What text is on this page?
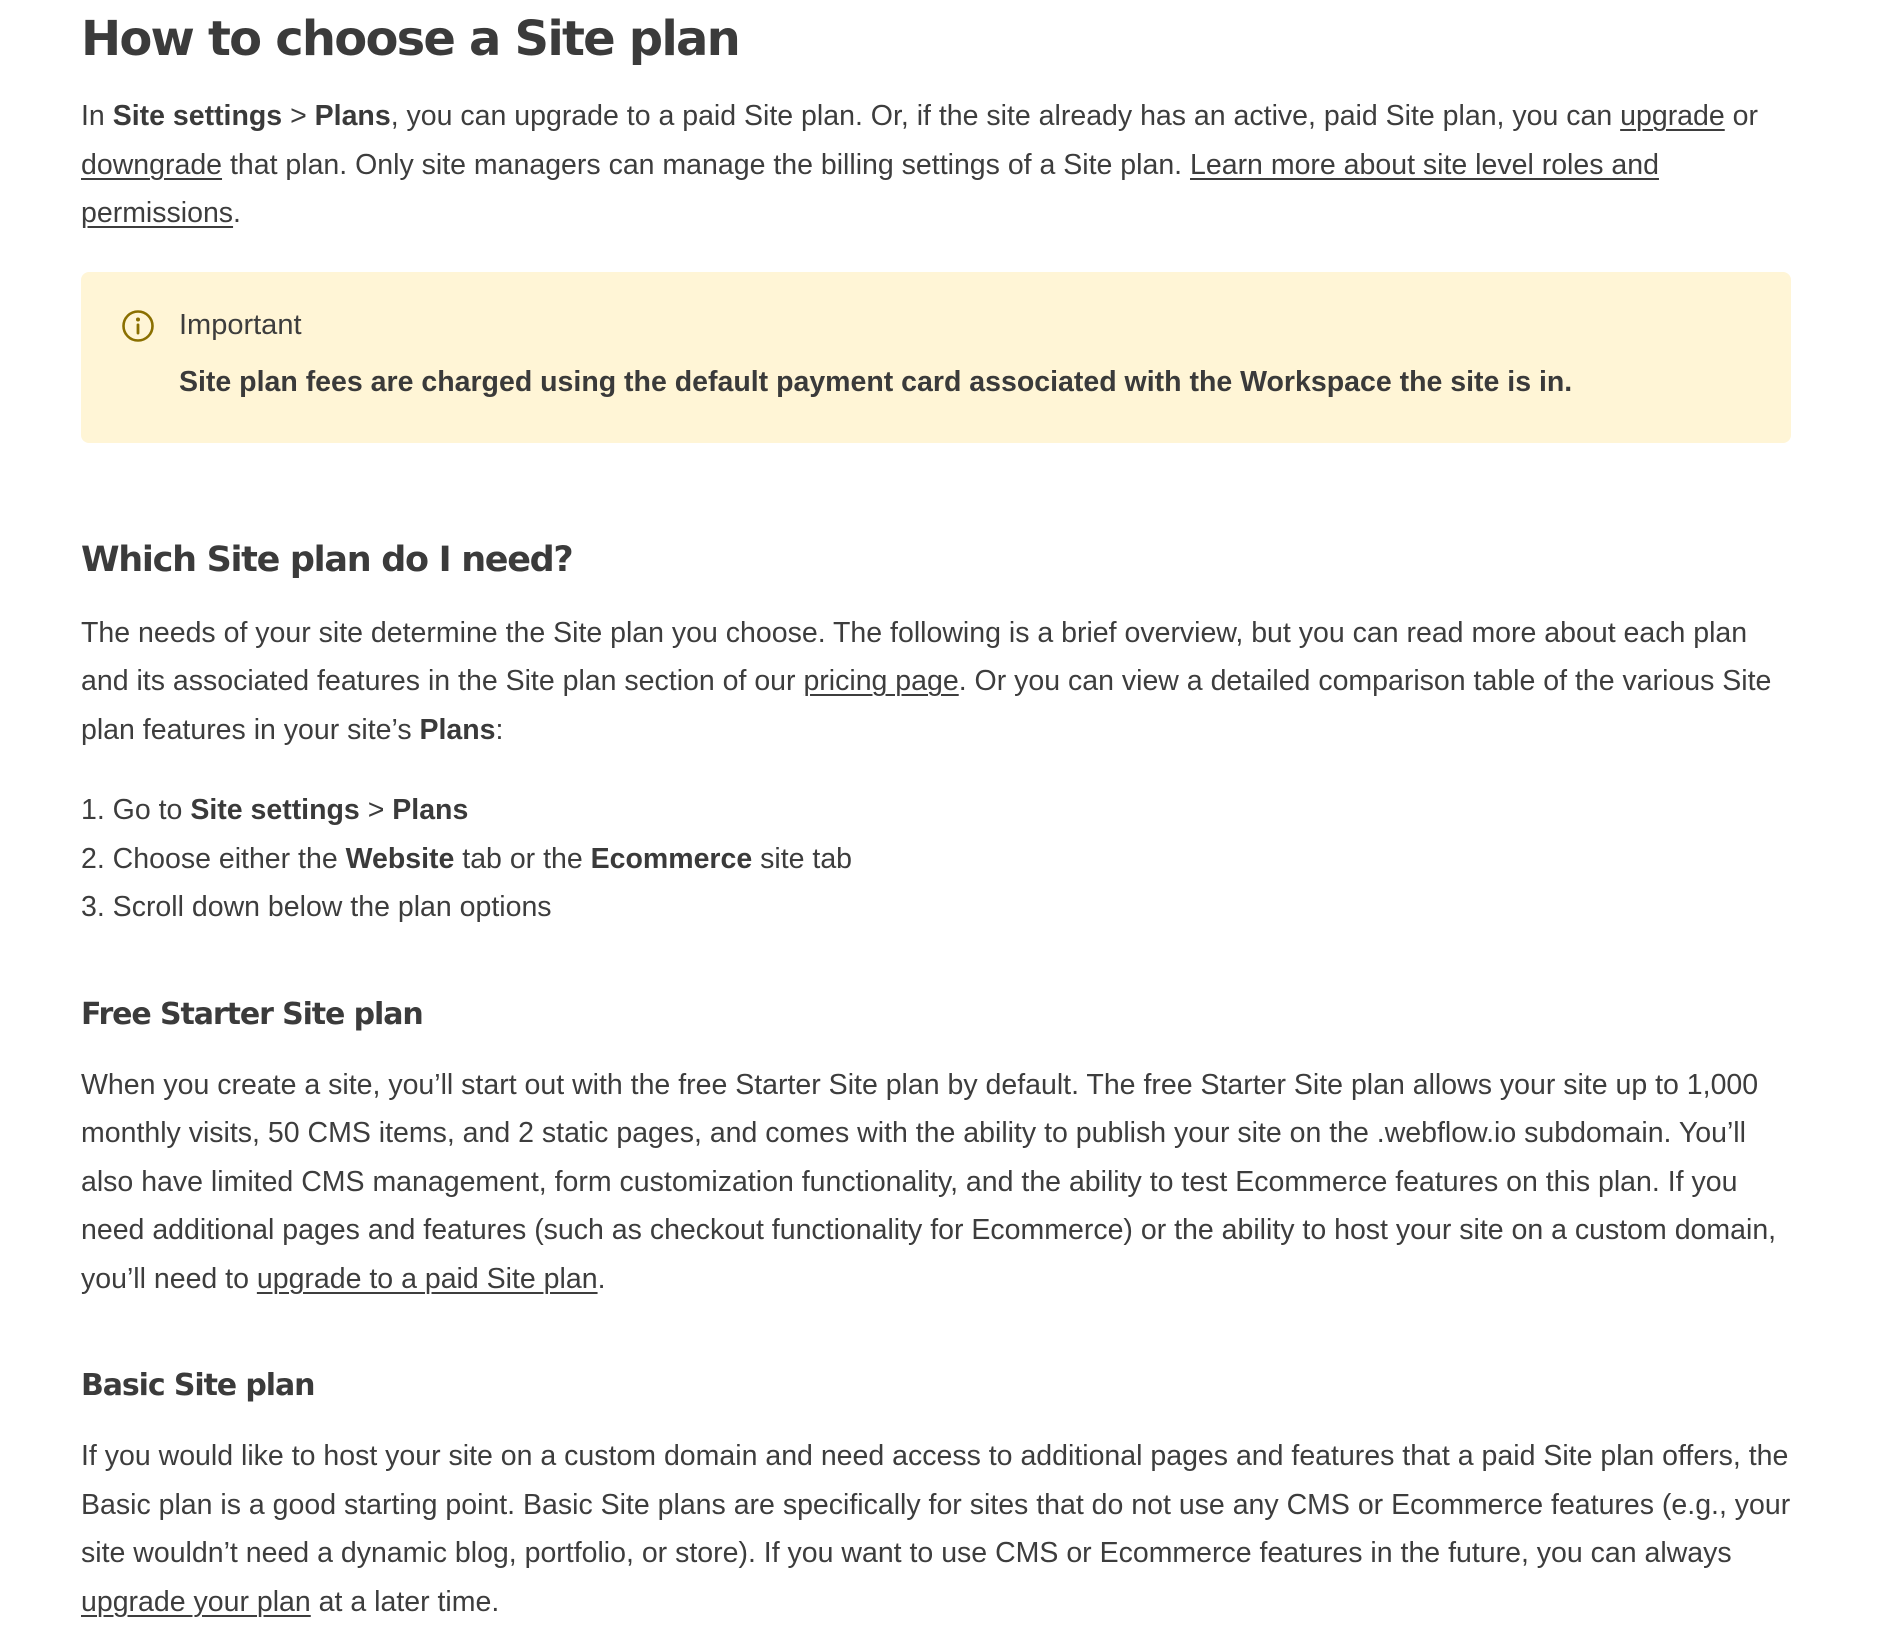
How to choose a Site plan

In Site settings > Plans, you can upgrade to a paid Site plan. Or, if the site already has an active, paid Site plan, you can upgrade or downgrade that plan. Only site managers can manage the billing settings of a Site plan. Learn more about site level roles and permissions.

Important
Site plan fees are charged using the default payment card associated with the Workspace the site is in.
Which Site plan do I need?

The needs of your site determine the Site plan you choose. The following is a brief overview, but you can read more about each plan and its associated features in the Site plan section of our pricing page. Or you can view a detailed comparison table of the various Site plan features in your site’s Plans:

1. Go to Site settings > Plans
2. Choose either the Website tab or the Ecommerce site tab
3. Scroll down below the plan options
Free Starter Site plan

When you create a site, you’ll start out with the free Starter Site plan by default. The free Starter Site plan allows your site up to 1,000 monthly visits, 50 CMS items, and 2 static pages, and comes with the ability to publish your site on the .webflow.io subdomain. You’ll also have limited CMS management, form customization functionality, and the ability to test Ecommerce features on this plan. If you need additional pages and features (such as checkout functionality for Ecommerce) or the ability to host your site on a custom domain, you’ll need to upgrade to a paid Site plan.

Basic Site plan

If you would like to host your site on a custom domain and need access to additional pages and features that a paid Site plan offers, the Basic plan is a good starting point. Basic Site plans are specifically for sites that do not use any CMS or Ecommerce features (e.g., your site wouldn’t need a dynamic blog, portfolio, or store). If you want to use CMS or Ecommerce features in the future, you can always upgrade your plan at a later time.
